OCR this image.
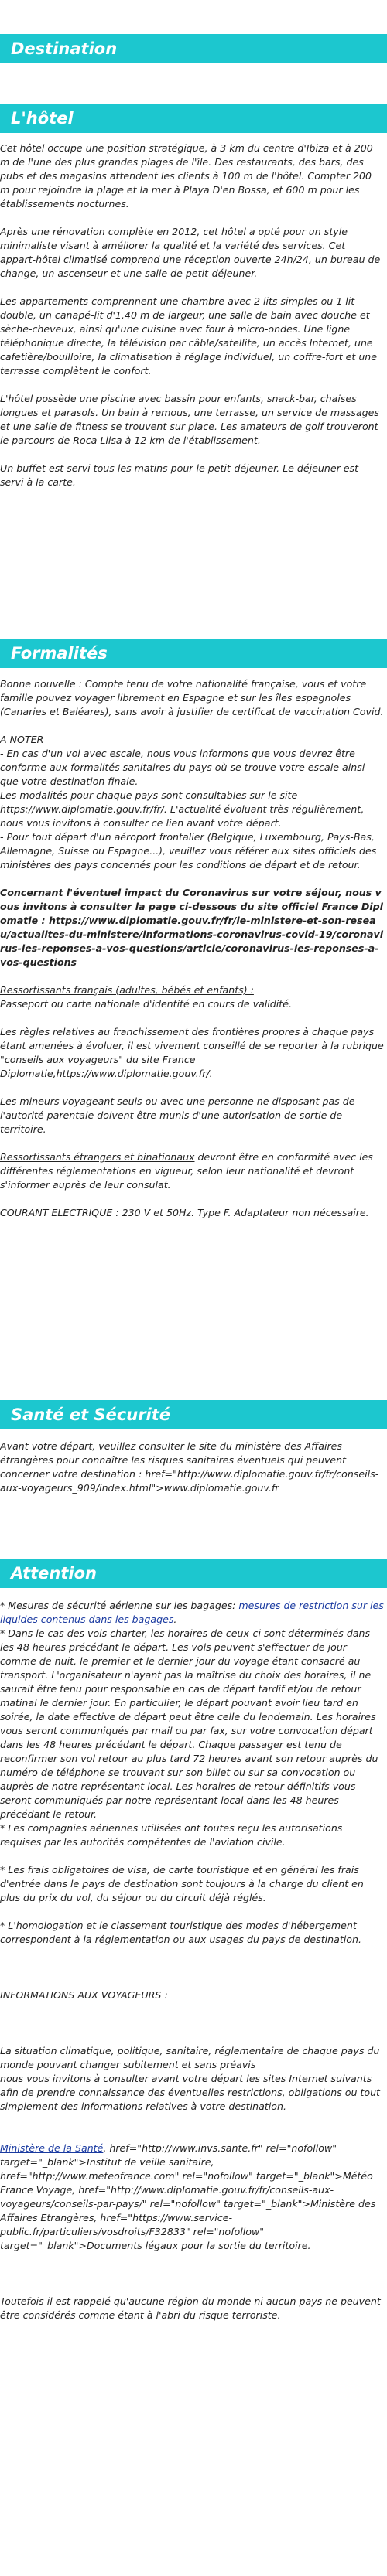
Destination
L'hôtel

Cet hôtel occupe une position stratégique, à 3 km du centre d'Ibiza et à 200 m de l'une des plus grandes plages de l'île. Des restaurants, des bars, des pubs et des magasins attendent les clients à 100 m de l'hôtel. Compter 200 m pour rejoindre la plage et la mer à Playa D'en Bossa, et 600 m pour les établissements nocturnes.

Après une rénovation complète en 2012, cet hôtel a opté pour un style minimaliste visant à améliorer la qualité et la variété des services. Cet appart-hôtel climatisé comprend une réception ouverte 24h/24, un bureau de change, un ascenseur et une salle de petit-déjeuner.

Les appartements comprennent une chambre avec 2 lits simples ou 1 lit double, un canapé-lit d'1,40 m de largeur, une salle de bain avec douche et sèche-cheveux, ainsi qu'une cuisine avec four à micro-ondes. Une ligne téléphonique directe, la télévision par câble/satellite, un accès Internet, une cafetière/bouilloire, la climatisation à réglage individuel, un coffre-fort et une terrasse complètent le confort.

L'hôtel possède une piscine avec bassin pour enfants, snack-bar, chaises longues et parasols. Un bain à remous, une terrasse, un service de massages et une salle de fitness se trouvent sur place. Les amateurs de golf trouveront le parcours de Roca Llisa à 12 km de l'établissement.

Un buffet est servi tous les matins pour le petit-déjeuner. Le déjeuner est servi à la carte.

Formalités

Bonne nouvelle : Compte tenu de votre nationalité française, vous et votre famille pouvez voyager librement en Espagne et sur les îles espagnoles (Canaries et Baléares), sans avoir à justifier de certificat de vaccination Covid.

A NOTER
- En cas d'un vol avec escale, nous vous informons que vous devrez être conforme aux formalités sanitaires du pays où se trouve votre escale ainsi que votre destination finale.
Les modalités pour chaque pays sont consultables sur le site https://www.diplomatie.gouv.fr/fr/. L'actualité évoluant très régulièrement, nous vous invitons à consulter ce lien avant votre départ.
- Pour tout départ d'un aéroport frontalier (Belgique, Luxembourg, Pays-Bas, Allemagne, Suisse ou Espagne...), veuillez vous référer aux sites officiels des ministères des pays concernés pour les conditions de départ et de retour.

Concernant l'éventuel impact du Coronavirus sur votre séjour, nous vous invitons à consulter la page ci-dessous du site officiel France Diplomatie : https://www.diplomatie.gouv.fr/fr/le-ministere-et-son-reseau/actualites-du-ministere/informations-coronavirus-covid-19/coronavirus-les-reponses-a-vos-questions/article/coronavirus-les-reponses-a-vos-questions

Ressortissants français (adultes, bébés et enfants) :
Passeport ou carte nationale d'identité en cours de validité.

Les règles relatives au franchissement des frontières propres à chaque pays étant amenées à évoluer, il est vivement conseillé de se reporter à la rubrique "conseils aux voyageurs" du site France Diplomatie,https://www.diplomatie.gouv.fr/.

Les mineurs voyageant seuls ou avec une personne ne disposant pas de l'autorité parentale doivent être munis d'une autorisation de sortie de territoire.

Ressortissants étrangers et binationaux devront être en conformité avec les différentes réglementations en vigueur, selon leur nationalité et devront s'informer auprès de leur consulat.

COURANT ELECTRIQUE : 230 V et 50Hz. Type F. Adaptateur non nécessaire.

Santé et Sécurité

Avant votre départ, veuillez consulter le site du ministère des Affaires étrangères pour connaître les risques sanitaires éventuels qui peuvent concerner votre destination : href="http://www.diplomatie.gouv.fr/fr/conseils-aux-voyageurs_909/index.html">www.diplomatie.gouv.fr

Attention

* Mesures de sécurité aérienne sur les bagages: mesures de restriction sur les liquides contenus dans les bagages.

* Dans le cas des vols charter, les horaires de ceux-ci sont déterminés dans les 48 heures précédant le départ. Les vols peuvent s'effectuer de jour comme de nuit, le premier et le dernier jour du voyage étant consacré au transport. L'organisateur n'ayant pas la maîtrise du choix des horaires, il ne saurait être tenu pour responsable en cas de départ tardif et/ou de retour matinal le dernier jour. En particulier, le départ pouvant avoir lieu tard en soirée, la date effective de départ peut être celle du lendemain. Les horaires vous seront communiqués par mail ou par fax, sur votre convocation départ dans les 48 heures précédant le départ. Chaque passager est tenu de reconfirmer son vol retour au plus tard 72 heures avant son retour auprès du numéro de téléphone se trouvant sur son billet ou sur sa convocation ou auprès de notre représentant local. Les horaires de retour définitifs vous seront communiqués par notre représentant local dans les 48 heures précédant le retour.
* Les compagnies aériennes utilisées ont toutes reçu les autorisations requises par les autorités compétentes de l'aviation civile.

* Les frais obligatoires de visa, de carte touristique et en général les frais d'entrée dans le pays de destination sont toujours à la charge du client en plus du prix du vol, du séjour ou du circuit déjà réglés.

* L'homologation et le classement touristique des modes d'hébergement correspondent à la réglementation ou aux usages du pays de destination.

INFORMATIONS AUX VOYAGEURS :

La situation climatique, politique, sanitaire, réglementaire de chaque pays du monde pouvant changer subitement et sans préavis
nous vous invitons à consulter avant votre départ les sites Internet suivants afin de prendre connaissance des éventuelles restrictions, obligations ou tout simplement des informations relatives à votre destination.

Ministère de la Santé. href="http://www.invs.sante.fr" rel="nofollow" target="_blank">Institut de veille sanitaire, href="http://www.meteofrance.com" rel="nofollow" target="_blank">Météo France Voyage, href="http://www.diplomatie.gouv.fr/fr/conseils-aux-voyageurs/conseils-par-pays/" rel="nofollow" target="_blank">Ministère des Affaires Etrangères, href="https://www.service-public.fr/particuliers/vosdroits/F32833" rel="nofollow" target="_blank">Documents légaux pour la sortie du territoire.

Toutefois il est rappelé qu'aucune région du monde ni aucun pays ne peuvent être considérés comme étant à l'abri du risque terroriste.
